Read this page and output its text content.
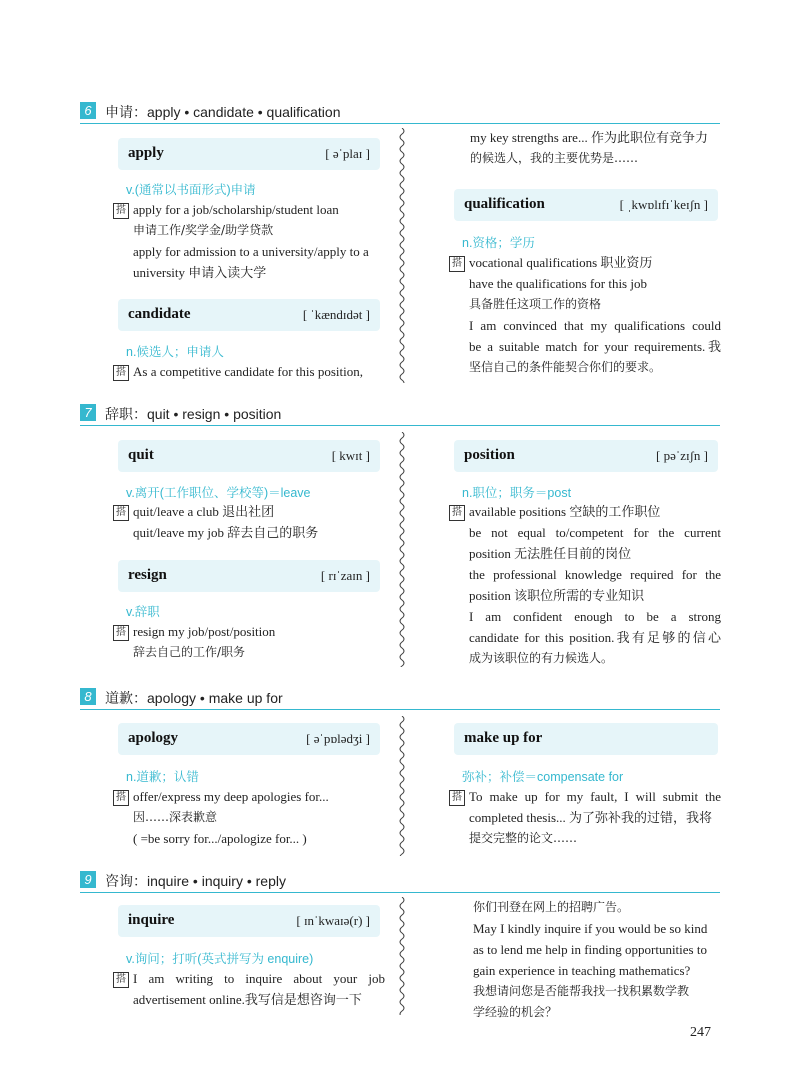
6 申请：apply • candidate • qualification
apply	[ əˈplaɪ ]
v.(通常以书面形式)申请
搭 apply for a job/scholarship/student loan
申请工作/奖学金/助学贷款
apply for admission to a university/apply to a
university 申请入读大学
candidate	[ ˈkændɪdət ]
n.候选人；申请人
搭 As a competitive candidate for this position,
my key strengths are... 作为此职位有竞争力
的候选人，我的主要优势是……
qualification	[ ˌkwɒlɪfɪˈkeɪʃn ]
n.资格；学历
搭 vocational qualifications 职业资历
have the qualifications for this job
具备胜任这项工作的资格
I am convinced that my qualifications could
be a suitable match for your requirements.我
坚信自己的条件能契合你们的要求。
7 辞职：quit • resign • position
quit	[ kwɪt ]
v.离开(工作职位、学校等)＝leave
搭 quit/leave a club 退出社团
quit/leave my job 辞去自己的职务
resign	[ rɪˈzaɪn ]
v.辞职
搭 resign my job/post/position
辞去自己的工作/职务
position	[ pəˈzɪʃn ]
n.职位；职务＝post
搭 available positions 空缺的工作职位
be not equal to/competent for the current
position 无法胜任目前的岗位
the professional knowledge required for the
position 该职位所需的专业知识
I am confident enough to be a strong
candidate for this position.我有足够的信心
成为该职位的有力候选人。
8 道歉：apology • make up for
apology	[ əˈpɒlədʒi ]
n.道歉；认错
搭 offer/express my deep apologies for...
因……深表歉意
( =be sorry for.../apologize for... )
make up for
弥补；补偿＝compensate for
搭 To make up for my fault, I will submit the
completed thesis... 为了弥补我的过错，我将
提交完整的论文……
9 咨询：inquire • inquiry • reply
inquire	[ ɪnˈkwaɪə(r) ]
v.询问；打听(英式拼写为 enquire)
搭 I am writing to inquire about your job
advertisement online.我写信是想咨询一下
你们刊登在网上的招聘广告。
May I kindly inquire if you would be so kind
as to lend me help in finding opportunities to
gain experience in teaching mathematics?
我想请问您是否能帮我找一找积累数学教
学经验的机会？
247
